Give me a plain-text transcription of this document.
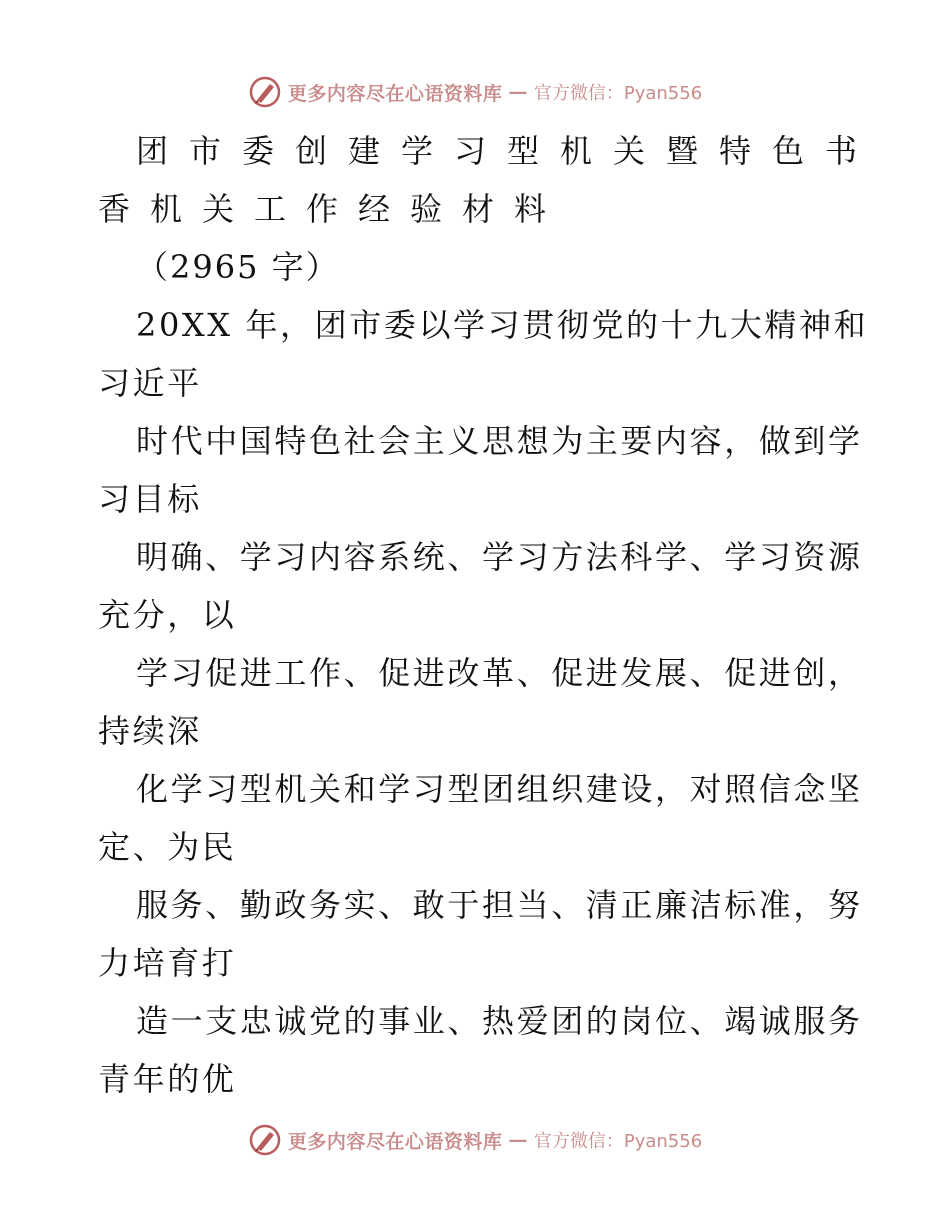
更多内容尽在心语资料库 — 官方微信：Pyan556
团市委创建学习型机关暨特色书
香机关工作经验材料
（2965 字）
20XX 年，团市委以学习贯彻党的十九大精神和
习近平
时代中国特色社会主义思想为主要内容，做到学
习目标
明确、学习内容系统、学习方法科学、学习资源
充分，以
学习促进工作、促进改革、促进发展、促进创，
持续深
化学习型机关和学习型团组织建设，对照信念坚
定、为民
服务、勤政务实、敢于担当、清正廉洁标准，努
力培育打
造一支忠诚党的事业、热爱团的岗位、竭诚服务
青年的优
更多内容尽在心语资料库 — 官方微信：Pyan556
